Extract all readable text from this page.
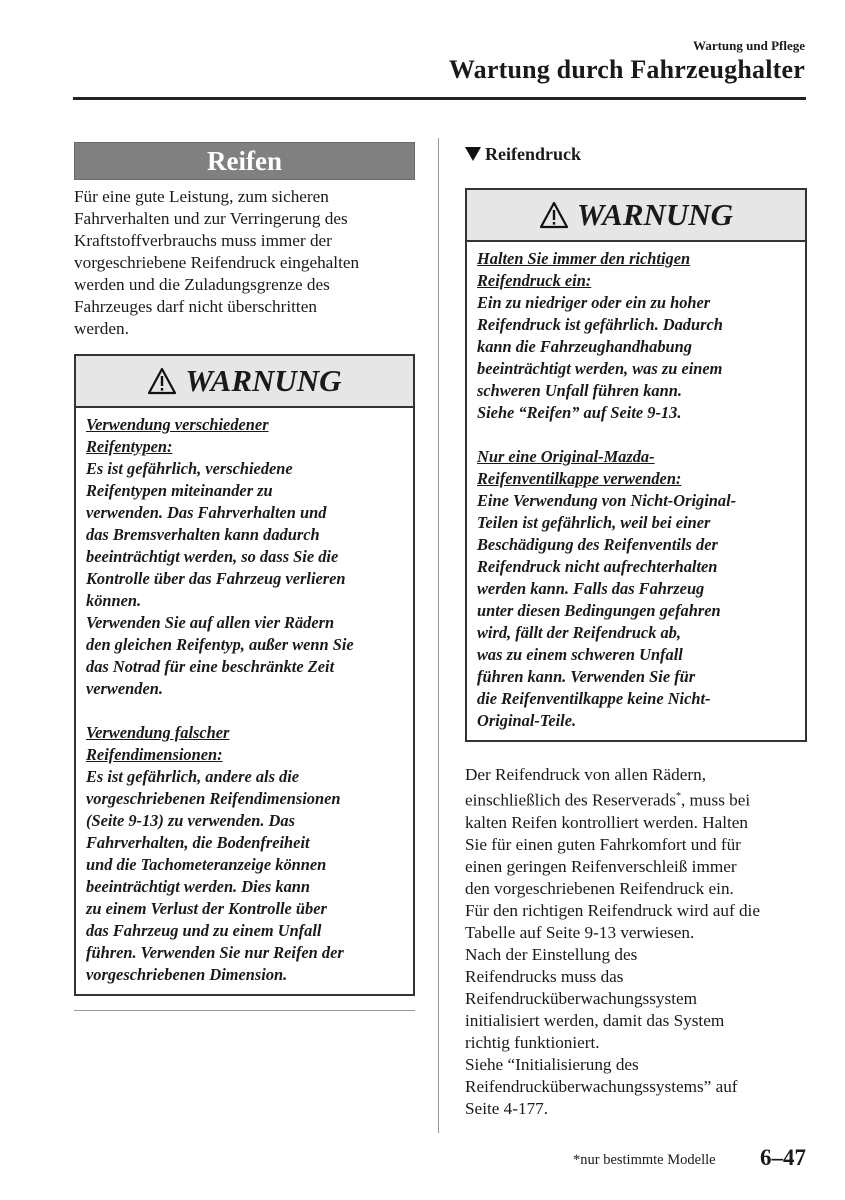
Wartung und Pflege
Wartung durch Fahrzeughalter
Reifen
Für eine gute Leistung, zum sicheren
Fahrverhalten und zur Verringerung des
Kraftstoffverbrauchs muss immer der
vorgeschriebene Reifendruck eingehalten
werden und die Zuladungsgrenze des
Fahrzeuges darf nicht überschritten
werden.
WARNUNG
Verwendung verschiedener
Reifentypen:
Es ist gefährlich, verschiedene
Reifentypen miteinander zu
verwenden. Das Fahrverhalten und
das Bremsverhalten kann dadurch
beeinträchtigt werden, so dass Sie die
Kontrolle über das Fahrzeug verlieren
können.
Verwenden Sie auf allen vier Rädern
den gleichen Reifentyp, außer wenn Sie
das Notrad für eine beschränkte Zeit
verwenden.
Verwendung falscher
Reifendimensionen:
Es ist gefährlich, andere als die
vorgeschriebenen Reifendimensionen
(Seite 9-13) zu verwenden. Das
Fahrverhalten, die Bodenfreiheit
und die Tachometeranzeige können
beeinträchtigt werden. Dies kann
zu einem Verlust der Kontrolle über
das Fahrzeug und zu einem Unfall
führen. Verwenden Sie nur Reifen der
vorgeschriebenen Dimension.
Reifendruck
WARNUNG
Halten Sie immer den richtigen
Reifendruck ein:
Ein zu niedriger oder ein zu hoher
Reifendruck ist gefährlich. Dadurch
kann die Fahrzeughandhabung
beeinträchtigt werden, was zu einem
schweren Unfall führen kann.
Siehe “Reifen” auf Seite 9-13.
Nur eine Original-Mazda-
Reifenventilkappe verwenden:
Eine Verwendung von Nicht-Original-
Teilen ist gefährlich, weil bei einer
Beschädigung des Reifenventils der
Reifendruck nicht aufrechterhalten
werden kann. Falls das Fahrzeug
unter diesen Bedingungen gefahren
wird, fällt der Reifendruck ab,
was zu einem schweren Unfall
führen kann. Verwenden Sie für
die Reifenventilkappe keine Nicht-
Original-Teile.
Der Reifendruck von allen Rädern,
einschließlich des Reserverads*, muss bei
kalten Reifen kontrolliert werden. Halten
Sie für einen guten Fahrkomfort und für
einen geringen Reifenverschleiß immer
den vorgeschriebenen Reifendruck ein.
Für den richtigen Reifendruck wird auf die
Tabelle auf Seite 9-13 verwiesen.
Nach der Einstellung des
Reifendrucks muss das
Reifendrucküberwachungssystem
initialisiert werden, damit das System
richtig funktioniert.
Siehe “Initialisierung des
Reifendrucküberwachungssystems” auf
Seite 4-177.
*nur bestimmte Modelle 6–47
